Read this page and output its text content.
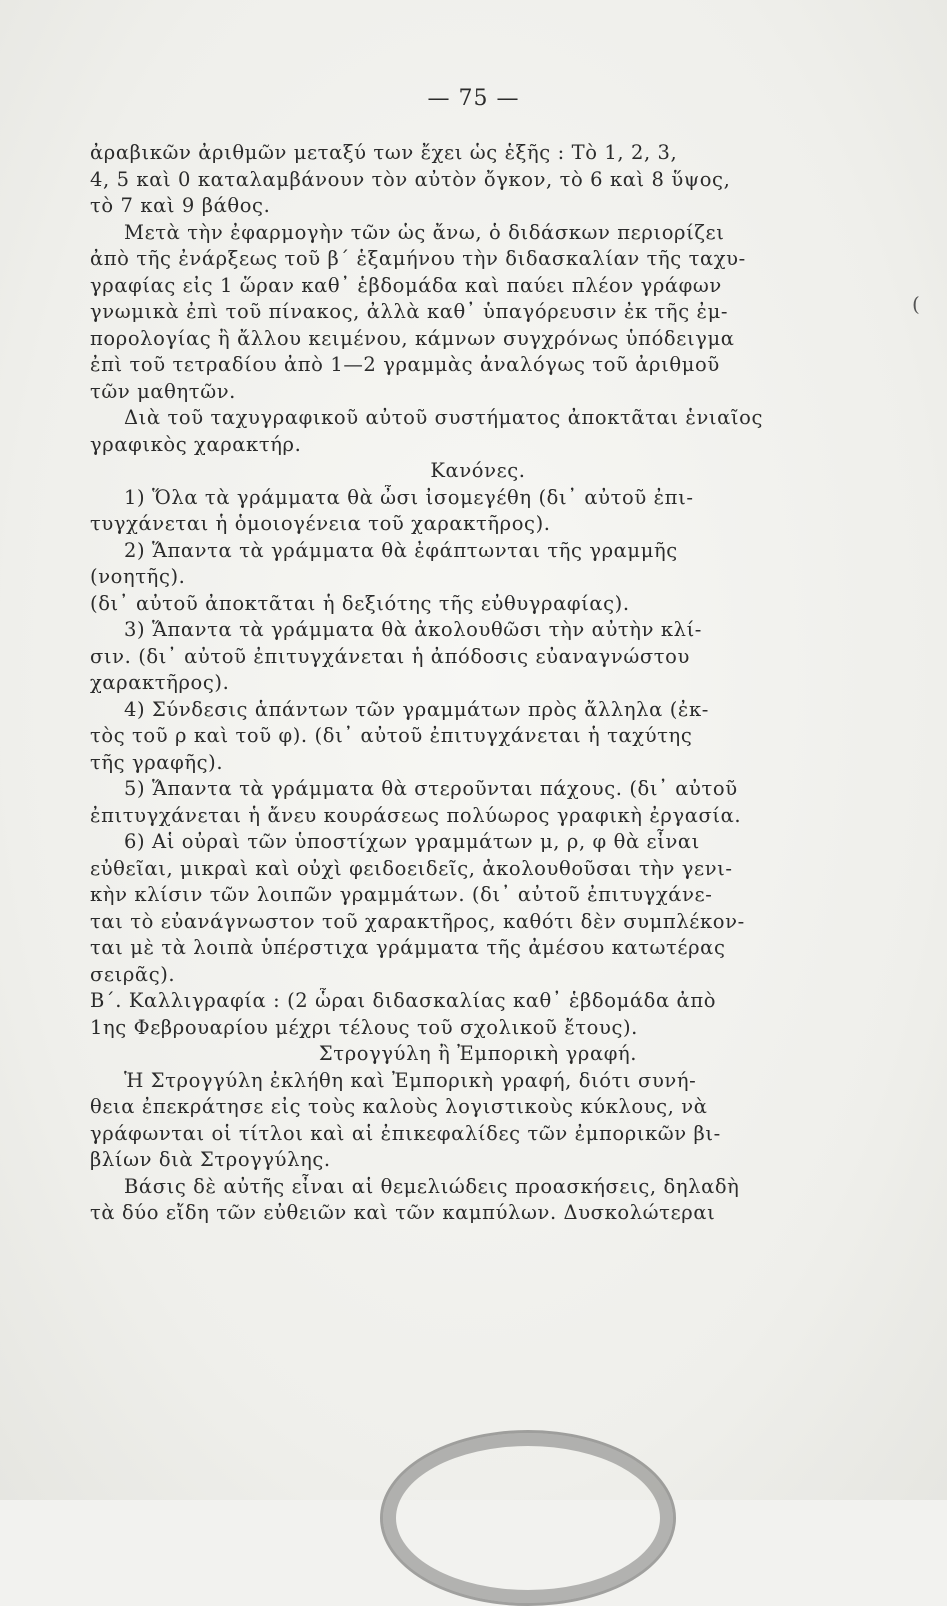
— 75 —
(
ἀραβικῶν ἀριθμῶν μεταξύ των ἔχει ὡς ἑξῆς : Τὸ 1, 2, 3,
4, 5 καὶ 0 καταλαμβάνουν τὸν αὐτὸν ὄγκον, τὸ 6 καὶ 8 ὕψος,
τὸ 7 καὶ 9 βάθος.
Μετὰ τὴν ἐφαρμογὴν τῶν ὡς ἄνω, ὁ διδάσκων περιορίζει
ἀπὸ τῆς ἐνάρξεως τοῦ β΄ ἑξαμήνου τὴν διδασκαλίαν τῆς ταχυ-
γραφίας εἰς 1 ὥραν καθ᾽ ἑβδομάδα καὶ παύει πλέον γράφων
γνωμικὰ ἐπὶ τοῦ πίνακος, ἀλλὰ καθ᾽ ὑπαγόρευσιν ἐκ τῆς ἐμ-
πορολογίας ἢ ἄλλου κειμένου, κάμνων συγχρόνως ὑπόδειγμα
ἐπὶ τοῦ τετραδίου ἀπὸ 1—2 γραμμὰς ἀναλόγως τοῦ ἀριθμοῦ
τῶν μαθητῶν.
Διὰ τοῦ ταχυγραφικοῦ αὐτοῦ συστήματος ἀποκτᾶται ἑνιαῖος
γραφικὸς χαρακτήρ.
Κανόνες.
1) Ὅλα τὰ γράμματα θὰ ὦσι ἰσομεγέθη (δι᾽ αὐτοῦ ἐπι-
τυγχάνεται ἡ ὁμοιογένεια τοῦ χαρακτῆρος).
2) Ἅπαντα τὰ γράμματα θὰ ἐφάπτωνται τῆς γραμμῆς
(νοητῆς).
(δι᾽ αὐτοῦ ἀποκτᾶται ἡ δεξιότης τῆς εὐθυγραφίας).
3) Ἅπαντα τὰ γράμματα θὰ ἀκολουθῶσι τὴν αὐτὴν κλί-
σιν. (δι᾽ αὐτοῦ ἐπιτυγχάνεται ἡ ἀπόδοσις εὐαναγνώστου
χαρακτῆρος).
4) Σύνδεσις ἁπάντων τῶν γραμμάτων πρὸς ἄλληλα (ἐκ-
τὸς τοῦ ρ καὶ τοῦ φ). (δι᾽ αὐτοῦ ἐπιτυγχάνεται ἡ ταχύτης
τῆς γραφῆς).
5) Ἅπαντα τὰ γράμματα θὰ στεροῦνται πάχους. (δι᾽ αὐτοῦ
ἐπιτυγχάνεται ἡ ἄνευ κουράσεως πολύωρος γραφικὴ ἐργασία.
6) Αἱ οὐραὶ τῶν ὑποστίχων γραμμάτων μ, ρ, φ θὰ εἶναι
εὐθεῖαι, μικραὶ καὶ οὐχὶ φειδοειδεῖς, ἀκολουθοῦσαι τὴν γενι-
κὴν κλίσιν τῶν λοιπῶν γραμμάτων. (δι᾽ αὐτοῦ ἐπιτυγχάνε-
ται τὸ εὐανάγνωστον τοῦ χαρακτῆρος, καθότι δὲν συμπλέκον-
ται μὲ τὰ λοιπὰ ὑπέρστιχα γράμματα τῆς ἀμέσου κατωτέρας
σειρᾶς).
Β΄. Καλλιγραφία : (2 ὧραι διδασκαλίας καθ᾽ ἑβδομάδα ἀπὸ
1ης Φεβρουαρίου μέχρι τέλους τοῦ σχολικοῦ ἔτους).
Στρογγύλη ἢ Ἐμπορικὴ γραφή.
Ἡ Στρογγύλη ἐκλήθη καὶ Ἐμπορικὴ γραφή, διότι συνή-
θεια ἐπεκράτησε εἰς τοὺς καλοὺς λογιστικοὺς κύκλους, νὰ
γράφωνται οἱ τίτλοι καὶ αἱ ἐπικεφαλίδες τῶν ἐμπορικῶν βι-
βλίων διὰ Στρογγύλης.
Βάσις δὲ αὐτῆς εἶναι αἱ θεμελιώδεις προασκήσεις, δηλαδὴ
τὰ δύο εἴδη τῶν εὐθειῶν καὶ τῶν καμπύλων. Δυσκολώτεραι
